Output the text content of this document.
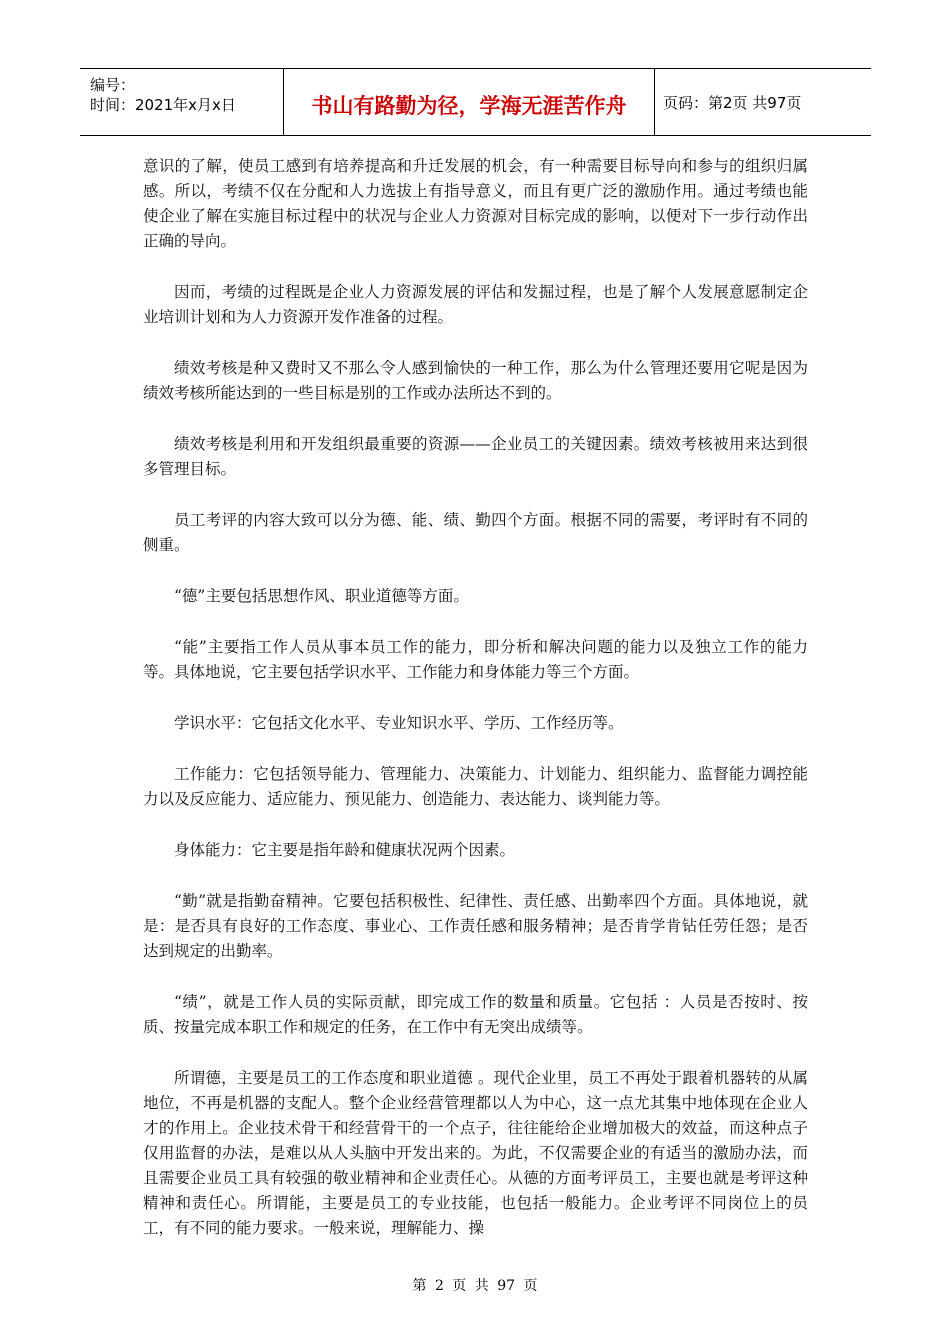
编号：
时间：2021年x月x日	书山有路勤为径，学海无涯苦作舟	页码：第2页 共97页

意识的了解，使员工感到有培养提高和升迁发展的机会，有一种需要目标导向和参与的组织归属感。所以，考绩不仅在分配和人力选拔上有指导意义，而且有更广泛的激励作用。通过考绩也能使企业了解在实施目标过程中的状况与企业人力资源对目标完成的影响，以便对下一步行动作出正确的导向。

因而，考绩的过程既是企业人力资源发展的评估和发掘过程，也是了解个人发展意愿制定企业培训计划和为人力资源开发作准备的过程。

绩效考核是种又费时又不那么令人感到愉快的一种工作，那么为什么管理还要用它呢是因为绩效考核所能达到的一些目标是别的工作或办法所达不到的。

绩效考核是利用和开发组织最重要的资源——企业员工的关键因素。绩效考核被用来达到很多管理目标。

员工考评的内容大致可以分为德、能、绩、勤四个方面。根据不同的需要，考评时有不同的侧重。

“德”主要包括思想作风、职业道德等方面。

“能”主要指工作人员从事本员工作的能力，即分析和解决问题的能力以及独立工作的能力等。具体地说，它主要包括学识水平、工作能力和身体能力等三个方面。

学识水平：它包括文化水平、专业知识水平、学历、工作经历等。

工作能力：它包括领导能力、管理能力、决策能力、计划能力、组织能力、监督能力调控能力以及反应能力、适应能力、预见能力、创造能力、表达能力、谈判能力等。

身体能力：它主要是指年龄和健康状况两个因素。

“勤”就是指勤奋精神。它要包括积极性、纪律性、责任感、出勤率四个方面。具体地说，就是：是否具有良好的工作态度、事业心、工作责任感和服务精神；是否肯学肯钻任劳任怨；是否达到规定的出勤率。

“绩”，就是工作人员的实际贡献，即完成工作的数量和质量。它包括 ：人员是否按时、按质、按量完成本职工作和规定的任务，在工作中有无突出成绩等。

所谓德，主要是员工的工作态度和职业道德 。现代企业里，员工不再处于跟着机器转的从属地位，不再是机器的支配人。整个企业经营管理都以人为中心，这一点尤其集中地体现在企业人才的作用上。企业技术骨干和经营骨干的一个点子，往往能给企业增加极大的效益，而这种点子仅用监督的办法，是难以从人头脑中开发出来的。为此，不仅需要企业的有适当的激励办法，而且需要企业员工具有较强的敬业精神和企业责任心。从德的方面考评员工，主要也就是考评这种精神和责任心。所谓能，主要是员工的专业技能，也包括一般能力。企业考评不同岗位上的员工，有不同的能力要求。一般来说，理解能力、操

第 2 页 共 97 页
